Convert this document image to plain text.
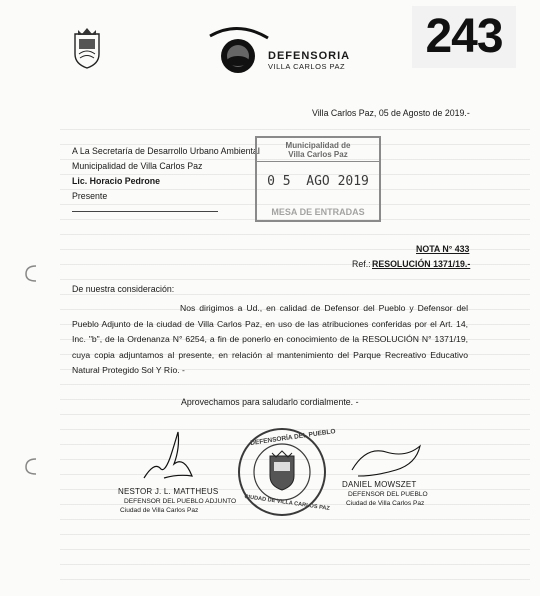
DEFENSORIA
VILLA CARLOS PAZ
243
Villa Carlos Paz, 05 de Agosto de 2019.-
A La Secretaría de Desarrollo Urbano Ambiental
Municipalidad de Villa Carlos Paz
Lic. Horacio Pedrone
Presente
Municipalidad de
Villa Carlos Paz
0 5  AGO 2019
MESA DE ENTRADAS
NOTA N° 433
Ref.: RESOLUCIÓN 1371/19.-
De nuestra consideración:
Nos dirigimos a Ud., en calidad de Defensor del Pueblo y Defensor del Pueblo Adjunto de la ciudad de Villa Carlos Paz, en uso de las atribuciones conferidas por el Art. 14, Inc. "b", de la Ordenanza N° 6254, a fin de ponerlo en conocimiento de la RESOLUCIÓN N° 1371/19, cuya copia adjuntamos al presente, en relación al mantenimiento del Parque Recreativo Educativo Natural Protegido Sol Y Río. -
Aprovechamos para saludarlo cordialmente. -
NESTOR J. L. MATTHEUS
DEFENSOR DEL PUEBLO ADJUNTO
Ciudad de Villa Carlos Paz
DEFENSORÍA DEL PUEBLO
CIUDAD DE VILLA CARLOS PAZ
DANIEL MOWSZET
DEFENSOR DEL PUEBLO
Ciudad de Villa Carlos Paz
